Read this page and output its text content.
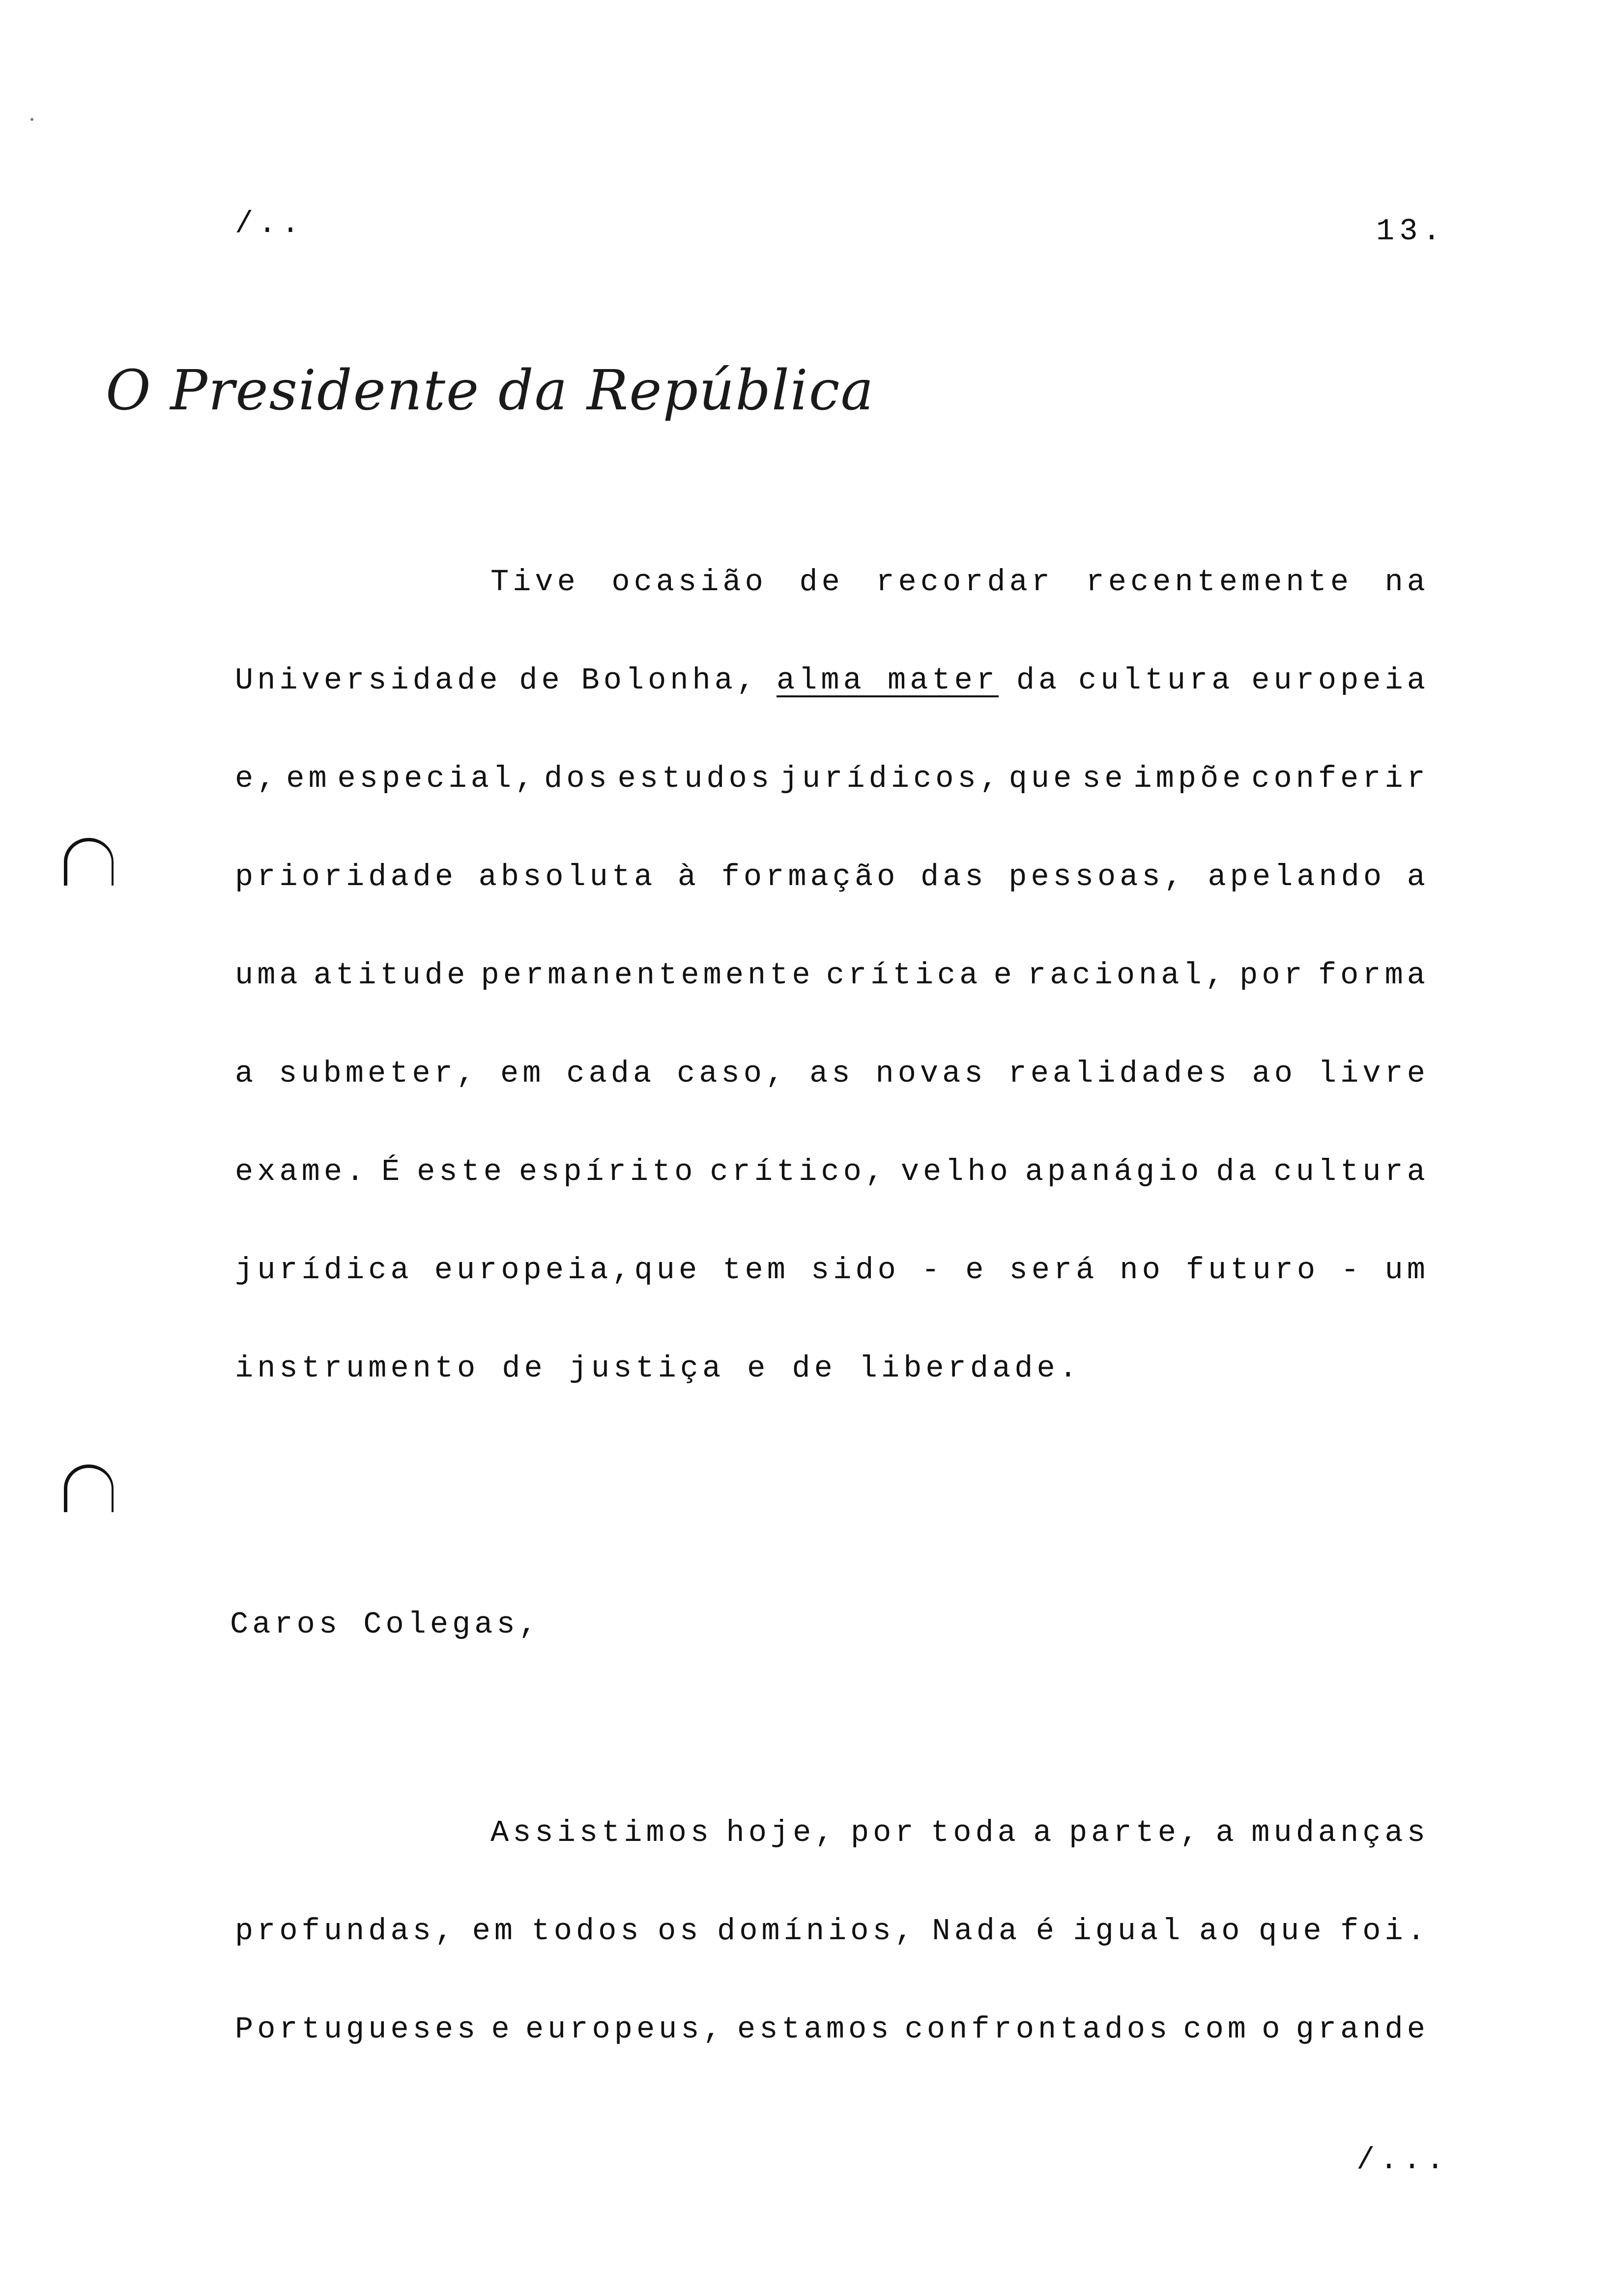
/..	13.
O Presidente da República
Tive ocasião de recordar recentemente na
Universidade de Bolonha, alma mater da cultura europeia
e, em especial, dos estudos jurídicos, que se impõe conferir
prioridade absoluta à formação das pessoas, apelando a
uma atitude permanentemente crítica e racional, por forma
a submeter, em cada caso, as novas realidades ao livre
exame. É este espírito crítico, velho apanágio da cultura
jurídica europeia,que tem sido - e será no futuro - um
instrumento de justiça e de liberdade.
Caros Colegas,
Assistimos hoje, por toda a parte, a mudanças
profundas, em todos os domínios, Nada é igual ao que foi.
Portugueses e europeus, estamos confrontados com o grande
/...
